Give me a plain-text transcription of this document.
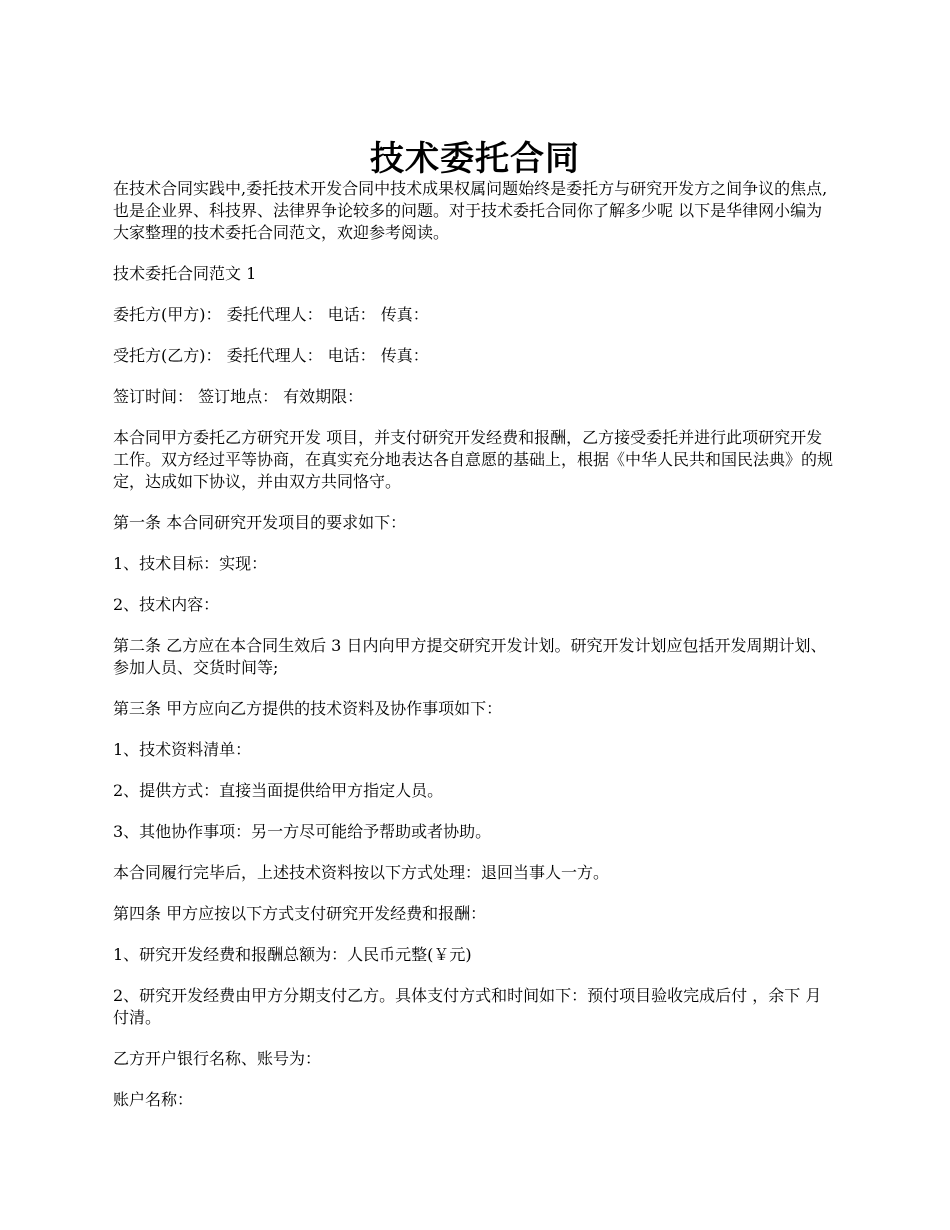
技术委托合同

在技术合同实践中,委托技术开发合同中技术成果权属问题始终是委托方与研究开发方之间争议的焦点,也是企业界、科技界、法律界争论较多的问题。对于技术委托合同你了解多少呢 以下是华律网小编为大家整理的技术委托合同范文，欢迎参考阅读。

技术委托合同范文 1

委托方(甲方)： 委托代理人： 电话： 传真：

受托方(乙方)： 委托代理人： 电话： 传真：

签订时间： 签订地点： 有效期限：

本合同甲方委托乙方研究开发 项目，并支付研究开发经费和报酬，乙方接受委托并进行此项研究开发工作。双方经过平等协商，在真实充分地表达各自意愿的基础上，根据《中华人民共和国民法典》的规定，达成如下协议，并由双方共同恪守。

第一条 本合同研究开发项目的要求如下：

1、技术目标：实现：

2、技术内容：

第二条 乙方应在本合同生效后 3 日内向甲方提交研究开发计划。研究开发计划应包括开发周期计划、参加人员、交货时间等;

第三条 甲方应向乙方提供的技术资料及协作事项如下：

1、技术资料清单：

2、提供方式：直接当面提供给甲方指定人员。

3、其他协作事项：另一方尽可能给予帮助或者协助。

本合同履行完毕后，上述技术资料按以下方式处理：退回当事人一方。

第四条 甲方应按以下方式支付研究开发经费和报酬：

1、研究开发经费和报酬总额为：人民币元整(￥元)

2、研究开发经费由甲方分期支付乙方。具体支付方式和时间如下：预付项目验收完成后付 ，余下 月付清。

乙方开户银行名称、账号为：

账户名称：
